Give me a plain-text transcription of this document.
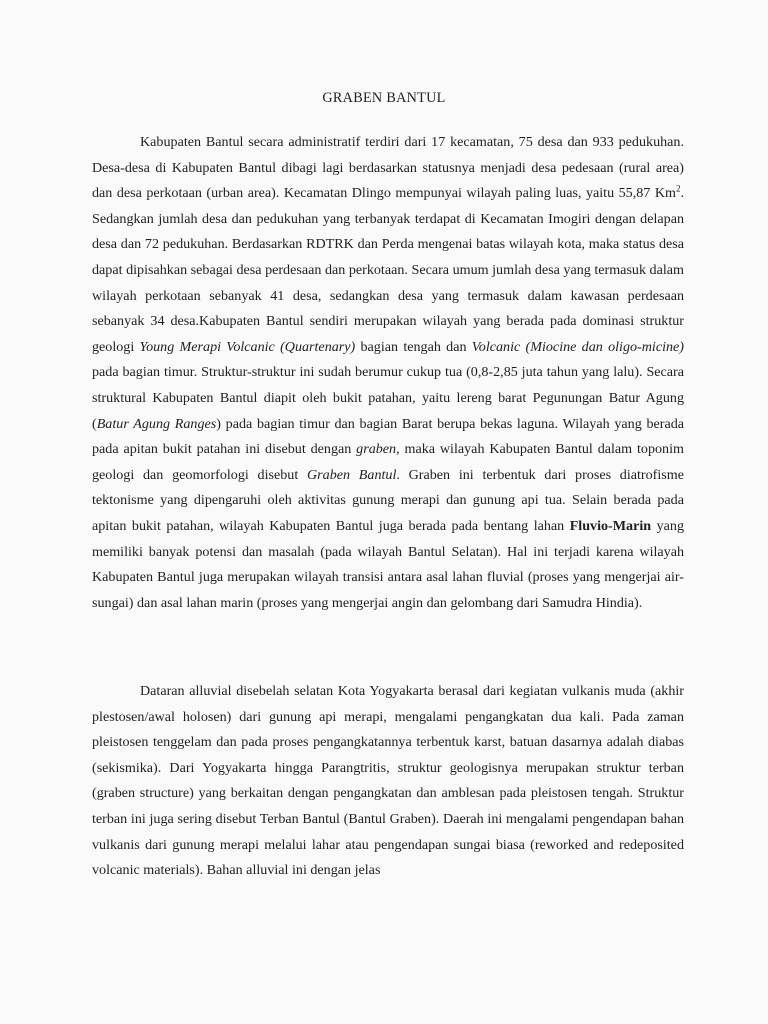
GRABEN BANTUL

Kabupaten Bantul secara administratif terdiri dari 17 kecamatan, 75 desa dan 933 pedukuhan. Desa-desa di Kabupaten Bantul dibagi lagi berdasarkan statusnya menjadi desa pedesaan (rural area) dan desa perkotaan (urban area). Kecamatan Dlingo mempunyai wilayah paling luas, yaitu 55,87 Km$^2$. Sedangkan jumlah desa dan pedukuhan yang terbanyak terdapat di Kecamatan Imogiri dengan delapan desa dan 72 pedukuhan. Berdasarkan RDTRK dan Perda mengenai batas wilayah kota, maka status desa dapat dipisahkan sebagai desa perdesaan dan perkotaan. Secara umum jumlah desa yang termasuk dalam wilayah perkotaan sebanyak 41 desa, sedangkan desa yang termasuk dalam kawasan perdesaan sebanyak 34 desa.Kabupaten Bantul sendiri merupakan wilayah yang berada pada dominasi struktur geologi Young Merapi Volcanic (Quartenary) bagian tengah dan Volcanic (Miocine dan oligo-micine) pada bagian timur. Struktur-struktur ini sudah berumur cukup tua (0,8-2,85 juta tahun yang lalu). Secara struktural Kabupaten Bantul diapit oleh bukit patahan, yaitu lereng barat Pegunungan Batur Agung (Batur Agung Ranges) pada bagian timur dan bagian Barat berupa bekas laguna. Wilayah yang berada pada apitan bukit patahan ini disebut dengan graben, maka wilayah Kabupaten Bantul dalam toponim geologi dan geomorfologi disebut Graben Bantul. Graben ini terbentuk dari proses diatrofisme tektonisme yang dipengaruhi oleh aktivitas gunung merapi dan gunung api tua. Selain berada pada apitan bukit patahan, wilayah Kabupaten Bantul juga berada pada bentang lahan Fluvio-Marin yang memiliki banyak potensi dan masalah (pada wilayah Bantul Selatan). Hal ini terjadi karena wilayah Kabupaten Bantul juga merupakan wilayah transisi antara asal lahan fluvial (proses yang mengerjai air-sungai) dan asal lahan marin (proses yang mengerjai angin dan gelombang dari Samudra Hindia).

Dataran alluvial disebelah selatan Kota Yogyakarta berasal dari kegiatan vulkanis muda (akhir plestosen/awal holosen) dari gunung api merapi, mengalami pengangkatan dua kali. Pada zaman pleistosen tenggelam dan pada proses pengangkatannya terbentuk karst, batuan dasarnya adalah diabas (sekismika). Dari Yogyakarta hingga Parangtritis, struktur geologisnya merupakan struktur terban (graben structure) yang berkaitan dengan pengangkatan dan amblesan pada pleistosen tengah. Struktur terban ini juga sering disebut Terban Bantul (Bantul Graben). Daerah ini mengalami pengendapan bahan vulkanis dari gunung merapi melalui lahar atau pengendapan sungai biasa (reworked and redeposited volcanic materials). Bahan alluvial ini dengan jelas
